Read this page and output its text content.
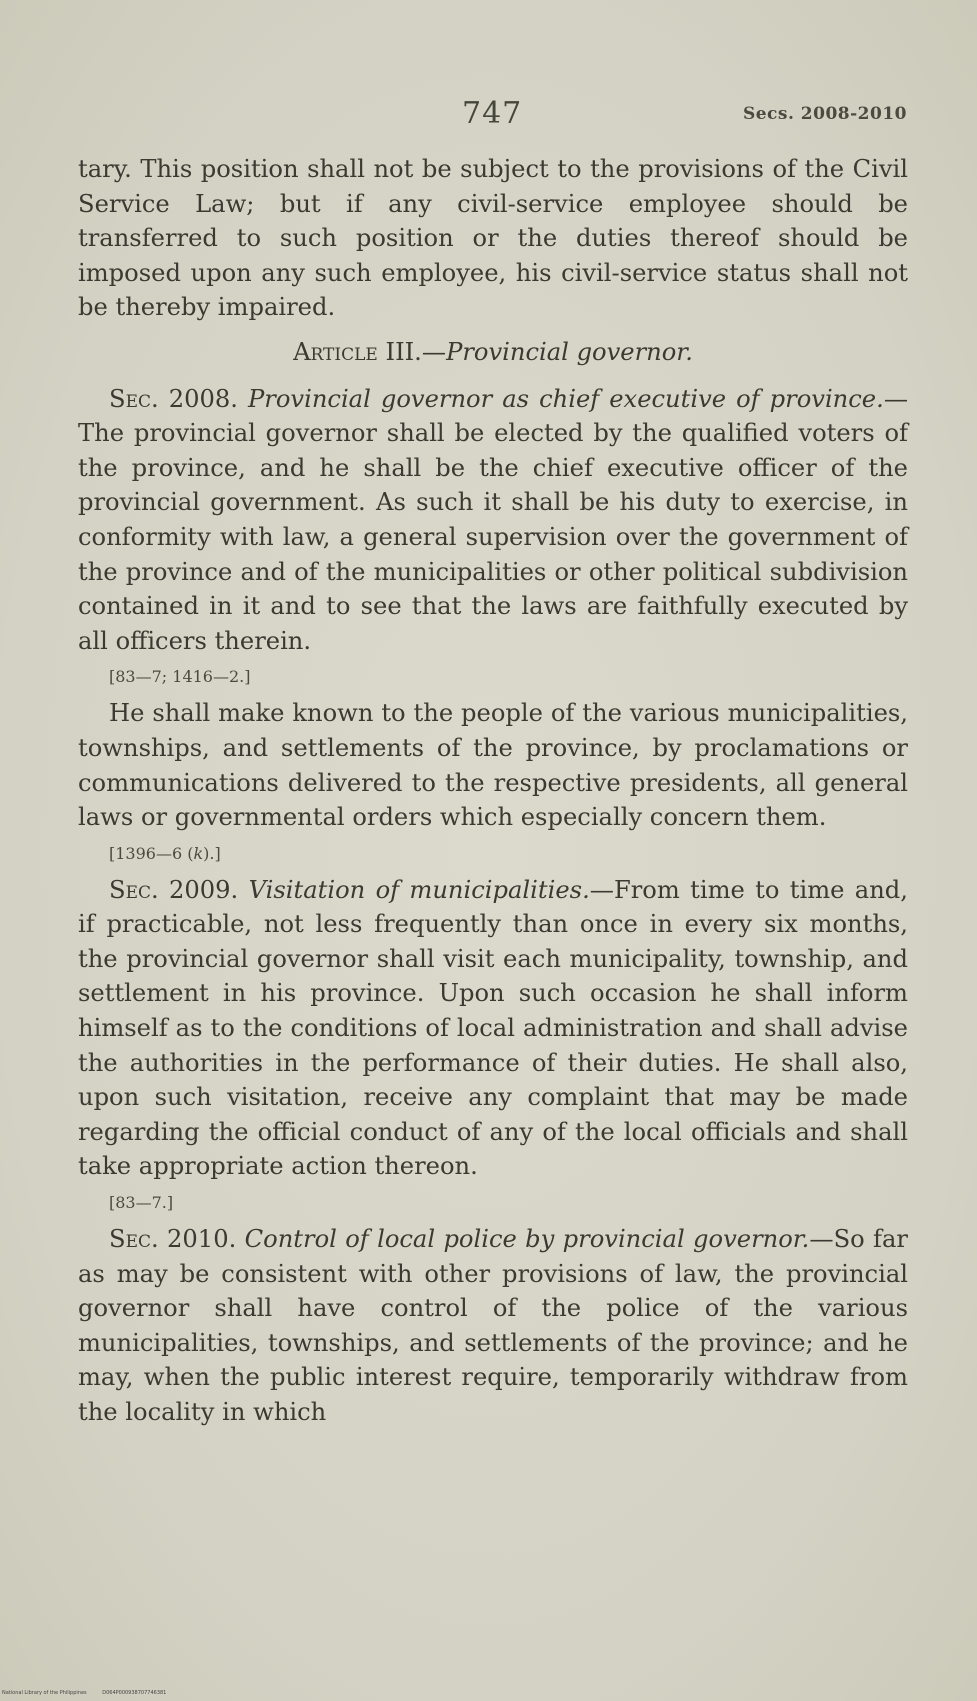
747	Secs. 2008-2010

tary. This position shall not be subject to the provisions of the Civil Service Law; but if any civil-service employee should be transferred to such position or the duties thereof should be imposed upon any such employee, his civil-service status shall not be thereby impaired.

Article III.—Provincial governor.

Sec. 2008. Provincial governor as chief executive of province.—The provincial governor shall be elected by the qualified voters of the province, and he shall be the chief executive officer of the provincial government. As such it shall be his duty to exercise, in conformity with law, a general supervision over the government of the province and of the municipalities or other political subdivision contained in it and to see that the laws are faithfully executed by all officers therein.

[83—7; 1416—2.]

He shall make known to the people of the various municipalities, townships, and settlements of the province, by proclamations or communications delivered to the respective presidents, all general laws or governmental orders which especially concern them.

[1396—6 (k).]

Sec. 2009. Visitation of municipalities.—From time to time and, if practicable, not less frequently than once in every six months, the provincial governor shall visit each municipality, township, and settlement in his province. Upon such occasion he shall inform himself as to the conditions of local administration and shall advise the authorities in the performance of their duties. He shall also, upon such visitation, receive any complaint that may be made regarding the official conduct of any of the local officials and shall take appropriate action thereon.

[83—7.]

Sec. 2010. Control of local police by provincial governor.—So far as may be consistent with other provisions of law, the provincial governor shall have control of the police of the various municipalities, townships, and settlements of the province; and he may, when the public interest require, temporarily withdraw from the locality in which

National Library of the Philippines	D064P000938707746381
